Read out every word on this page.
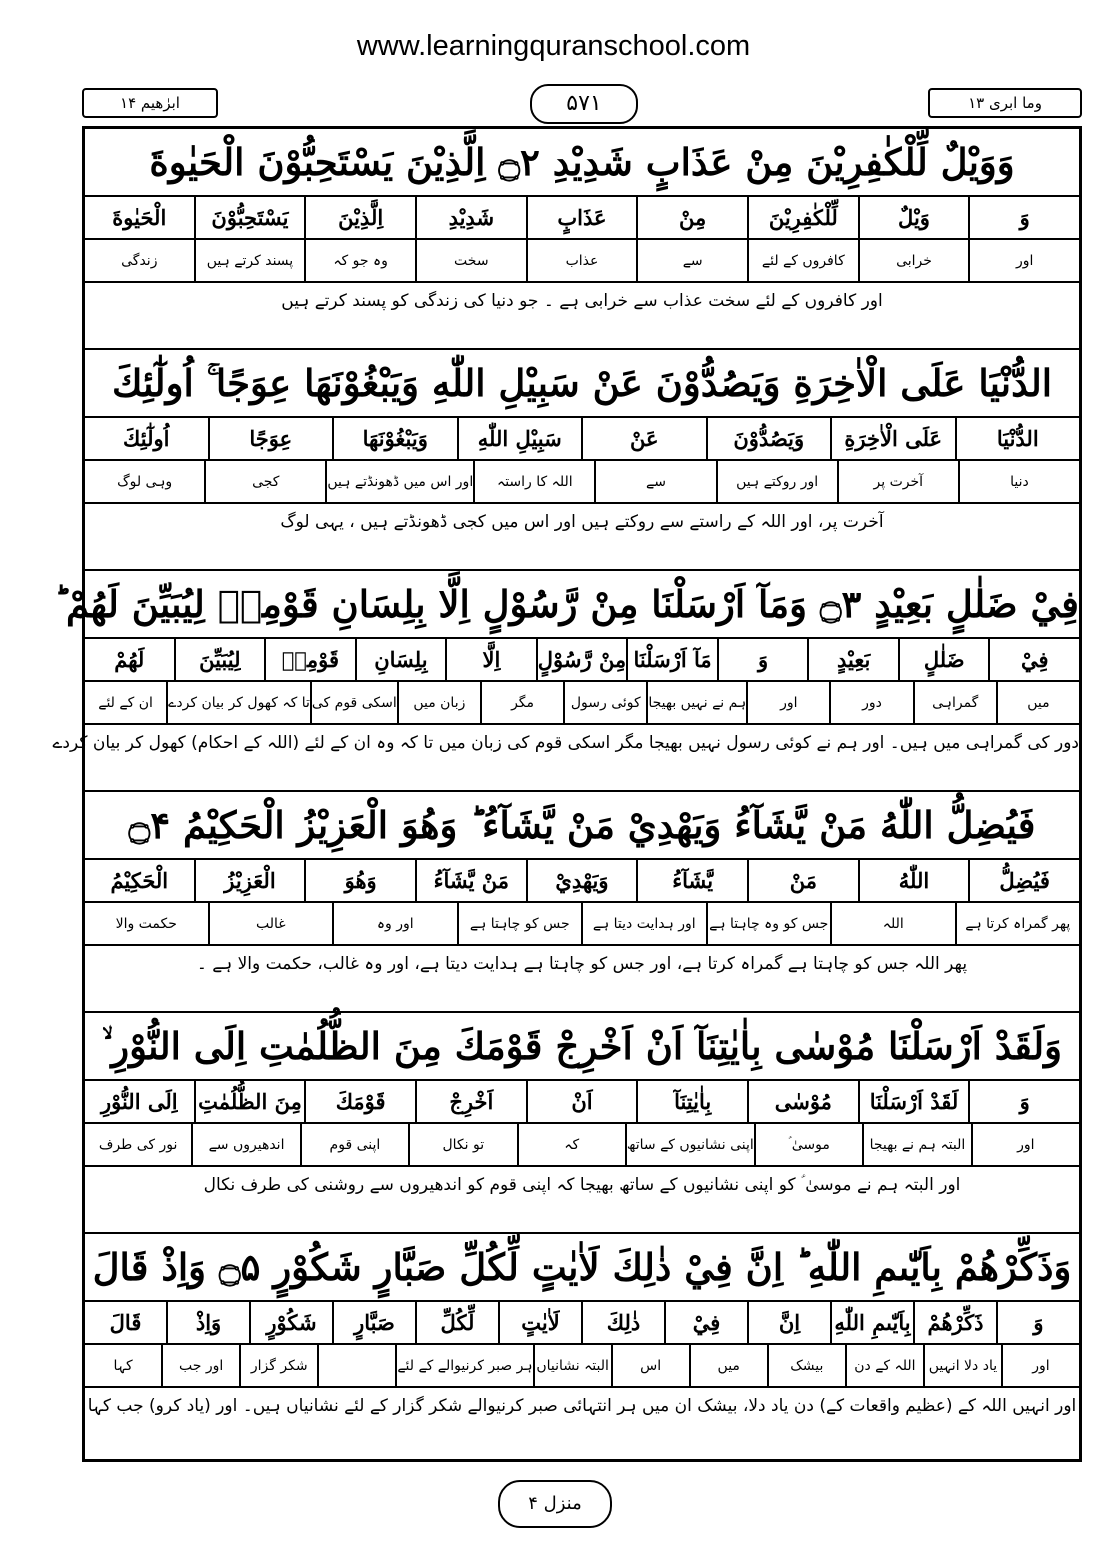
www.learningquranschool.com
ابرٰهیم ۱۴	۵۷۱	وما ابری ۱۳
وَوَيْلٌ لِّلْكٰفِرِيْنَ مِنْ عَذَابٍ شَدِيْدِ ۝۲ اِلَّذِيْنَ يَسْتَحِبُّوْنَ الْحَيٰوةَ
وَ
وَيْلٌ
لِّلْكٰفِرِيْنَ
مِنْ
عَذَابٍ
شَدِيْدِ
اِلَّذِيْنَ
يَسْتَحِبُّوْنَ
الْحَيٰوةَ
اور
خرابی
کافروں کے لئے
سے
عذاب
سخت
وہ جو کہ
پسند کرتے ہیں
زندگی
اور کافروں کے لئے سخت عذاب سے خرابی ہے ۔ جو دنیا کی زندگی کو پسند کرتے ہیں
الدُّنْيَا عَلَى الْاٰخِرَةِ وَيَصُدُّوْنَ عَنْ سَبِيْلِ اللّٰهِ وَيَبْغُوْنَهَا عِوَجًا ۚ اُولٰٓئِكَ
الدُّنْيَا
عَلَى الْاٰخِرَةِ
وَيَصُدُّوْنَ
عَنْ
سَبِيْلِ اللّٰهِ
وَيَبْغُوْنَهَا
عِوَجًا
اُولٰٓئِكَ
دنیا
آخرت پر
اور روکتے ہیں
سے
اللہ کا راستہ
اور اس میں ڈھونڈتے ہیں
کجی
وہی لوگ
آخرت پر، اور اللہ کے راستے سے روکتے ہیں اور اس میں کجی ڈھونڈتے ہیں ، یہی لوگ
فِيْ ضَلٰلٍ بَعِيْدٍ ۝۳ وَمَآ اَرْسَلْنَا مِنْ رَّسُوْلٍ اِلَّا بِلِسَانِ قَوْمِهٖ لِيُبَيِّنَ لَهُمْ ؕ
فِيْ
ضَلٰلٍ
بَعِيْدٍ
وَ
مَآ اَرْسَلْنَا
مِنْ رَّسُوْلٍ
اِلَّا
بِلِسَانِ
قَوْمِهٖ
لِيُبَيِّنَ
لَهُمْ
میں
گمراہی
دور
اور
ہم نے نہیں بھیجا
کوئی رسول
مگر
زبان میں
اسکی قوم کی
تا کہ کھول کر بیان کردے
ان کے لئے
دور کی گمراہی میں ہیں۔ اور ہم نے کوئی رسول نہیں بھیجا مگر اسکی قوم کی زبان میں تا کہ وہ ان کے لئے (اللہ کے احکام) کھول کر بیان کردے
فَيُضِلُّ اللّٰهُ مَنْ يَّشَآءُ وَيَهْدِيْ مَنْ يَّشَآءُ ؕ وَهُوَ الْعَزِيْزُ الْحَكِيْمُ ۝۴
فَيُضِلُّ
اللّٰهُ
مَنْ
يَّشَآءُ
وَيَهْدِيْ
مَنْ يَّشَآءُ
وَهُوَ
الْعَزِيْزُ
الْحَكِيْمُ
پھر گمراہ کرتا ہے
اللہ
جس کو وہ چاہتا ہے
اور ہدایت دیتا ہے
جس کو چاہتا ہے
اور وہ
غالب
حکمت والا
پھر اللہ جس کو چاہتا ہے گمراہ کرتا ہے، اور جس کو چاہتا ہے ہدایت دیتا ہے، اور وہ غالب، حکمت والا ہے ۔
وَلَقَدْ اَرْسَلْنَا مُوْسٰى بِاٰيٰتِنَآ اَنْ اَخْرِجْ قَوْمَكَ مِنَ الظُّلُمٰتِ اِلَى النُّوْرِ ۙ
وَ
لَقَدْ اَرْسَلْنَا
مُوْسٰى
بِاٰيٰتِنَآ
اَنْ
اَخْرِجْ
قَوْمَكَ
مِنَ الظُّلُمٰتِ
اِلَى النُّوْرِ
اور
البتہ ہم نے بھیجا
موسیٰ ؑ
اپنی نشانیوں کے ساتھ
کہ
تو نکال
اپنی قوم
اندھیروں سے
نور کی طرف
اور البتہ ہم نے موسیٰ ؑ کو اپنی نشانیوں کے ساتھ بھیجا کہ اپنی قوم کو اندھیروں سے روشنی کی طرف نکال
وَذَكِّرْهُمْ بِاَيّٰىمِ اللّٰهِ ؕ اِنَّ فِيْ ذٰلِكَ لَاٰيٰتٍ لِّكُلِّ صَبَّارٍ شَكُوْرٍ ۝۵ وَاِذْ قَالَ
وَ
ذَكِّرْهُمْ
بِاَيّٰىمِ اللّٰهِ
اِنَّ
فِيْ
ذٰلِكَ
لَاٰيٰتٍ
لِّكُلِّ
صَبَّارٍ
شَكُوْرٍ
وَاِذْ
قَالَ
اور
یاد دلا انہیں
اللہ کے دن
بیشک
میں
اس
البتہ نشانیاں
ہر صبر کرنیوالے کے لئے
شکر گزار
اور جب
کہا
اور انہیں اللہ کے (عظیم واقعات کے) دن یاد دلا، بیشک ان میں ہر انتہائی صبر کرنیوالے شکر گزار کے لئے نشانیاں ہیں۔ اور (یاد کرو) جب کہا
منزل ۴
